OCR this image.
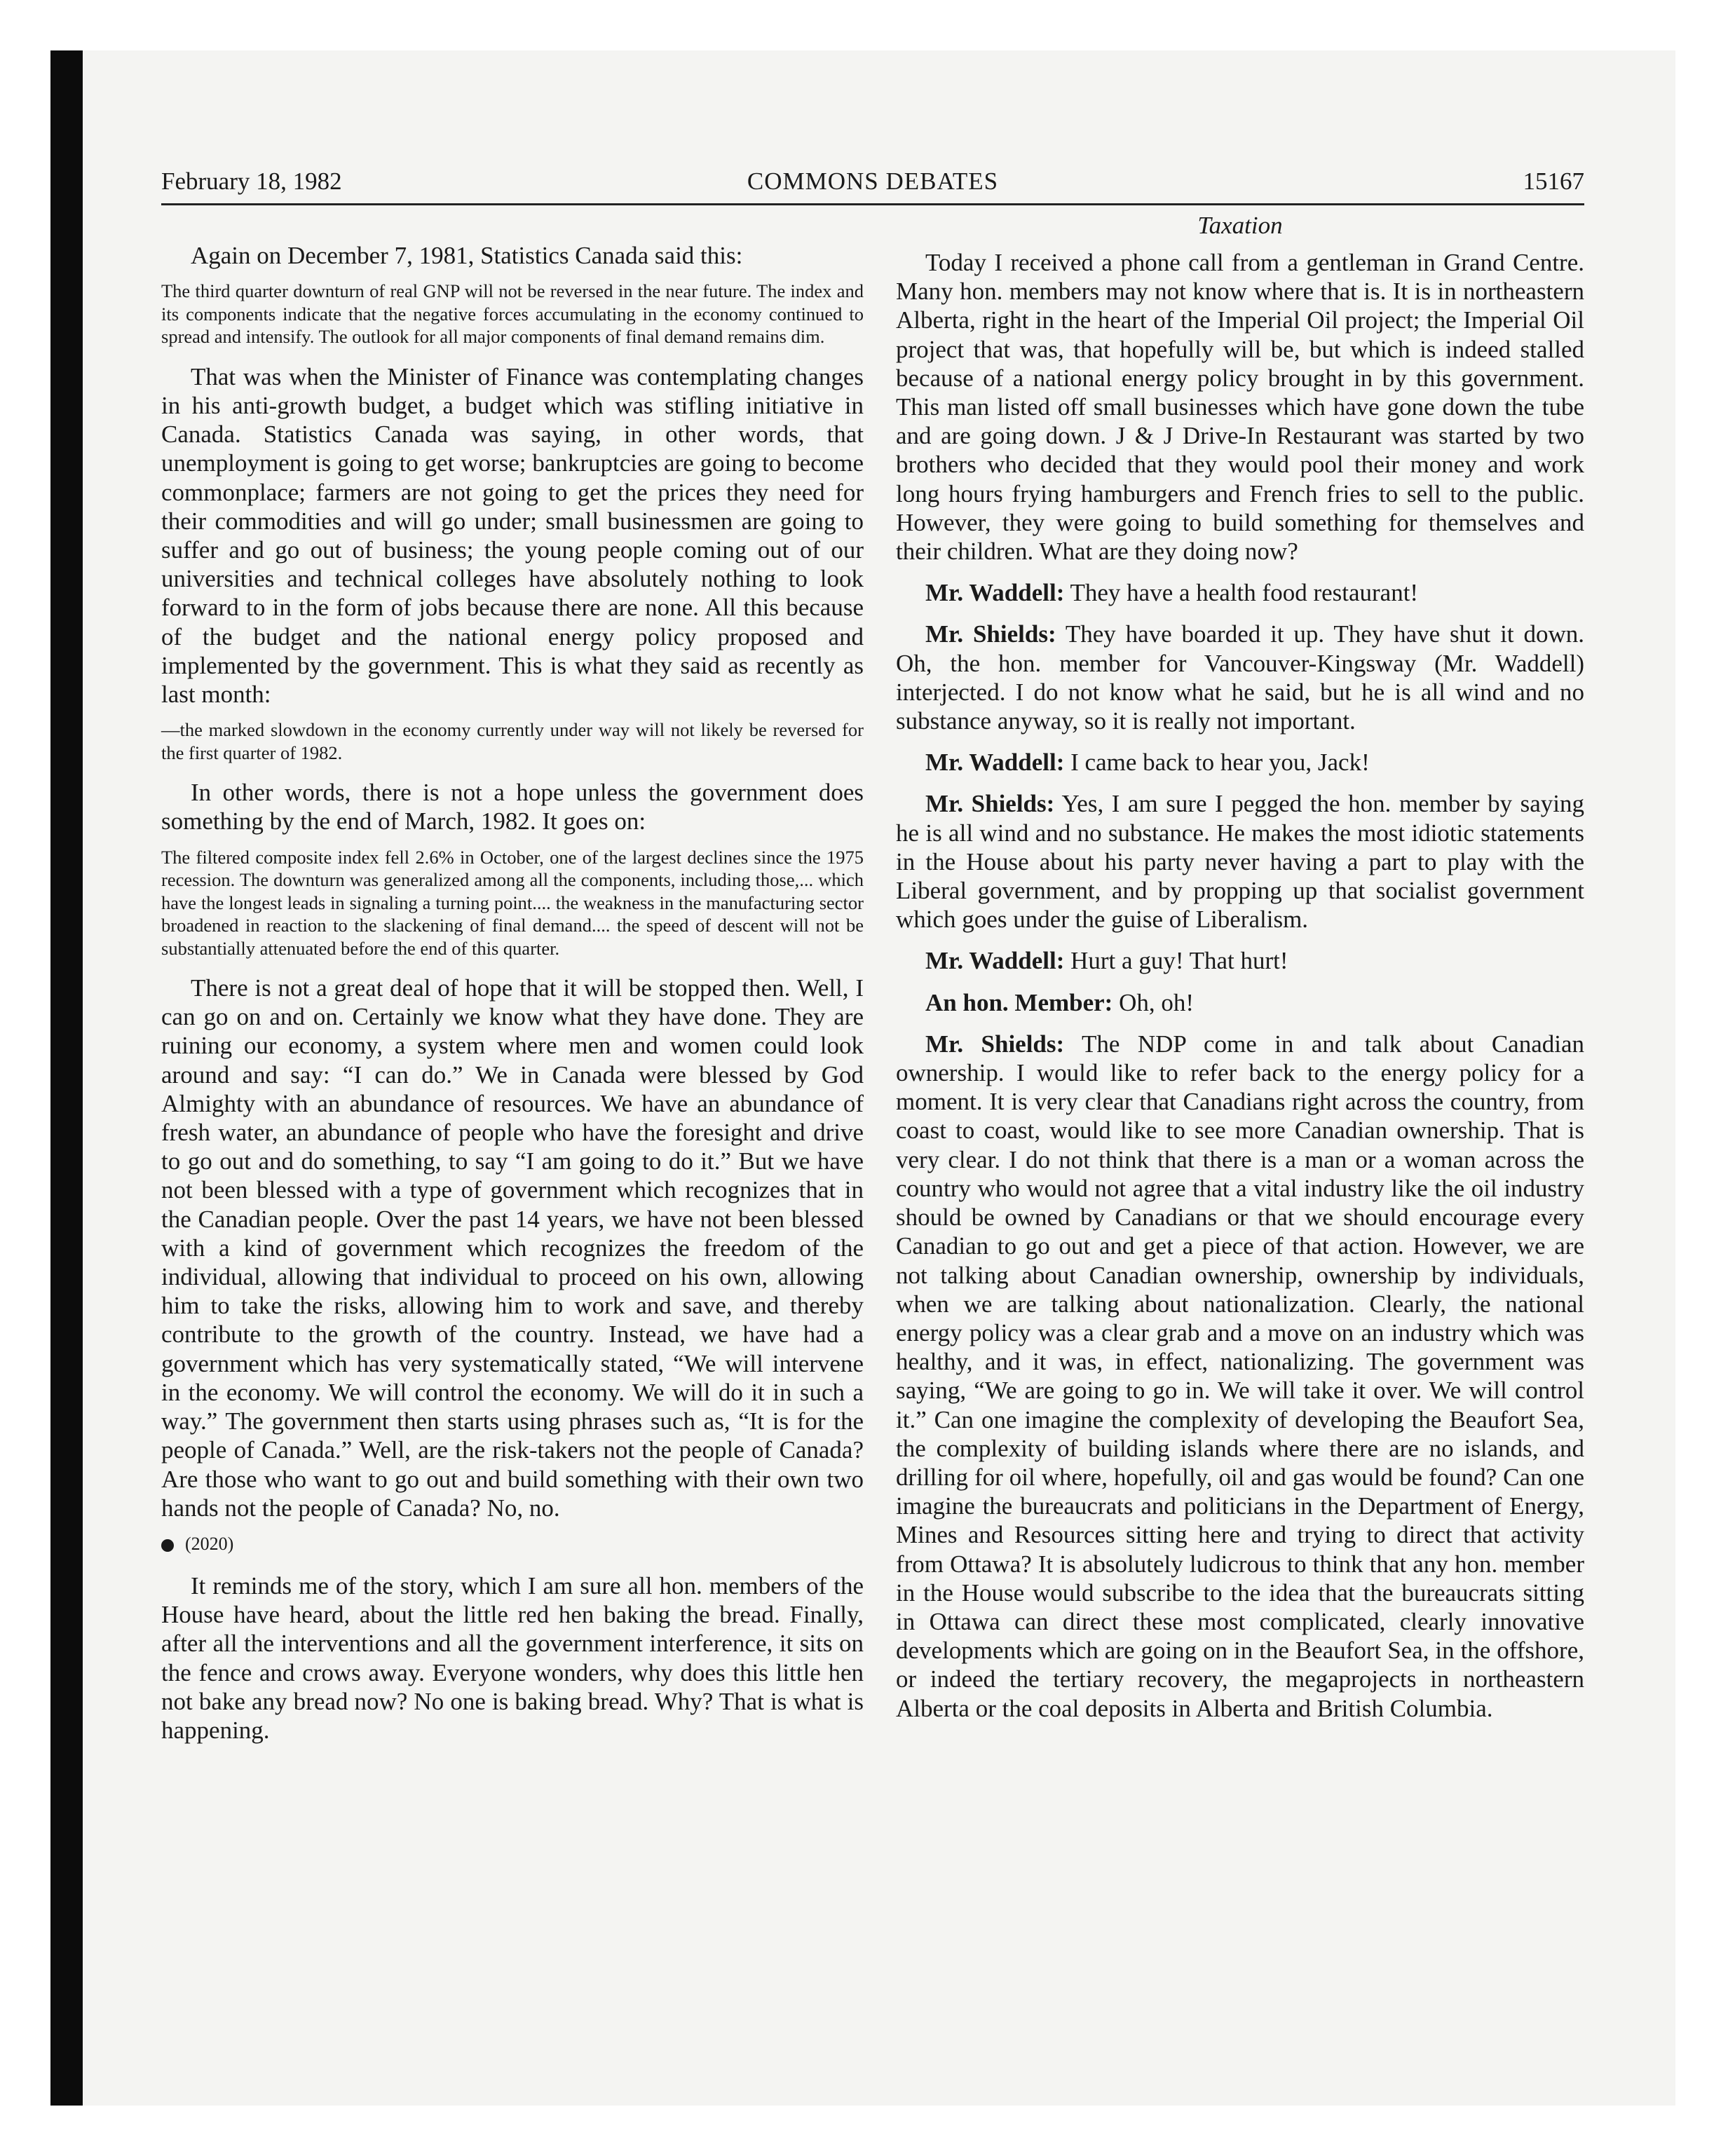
February 18, 1982	COMMONS DEBATES	15167

Again on December 7, 1981, Statistics Canada said this:

The third quarter downturn of real GNP will not be reversed in the near future. The index and its components indicate that the negative forces accumulating in the economy continued to spread and intensify. The outlook for all major components of final demand remains dim.

That was when the Minister of Finance was contemplating changes in his anti-growth budget, a budget which was stifling initiative in Canada. Statistics Canada was saying, in other words, that unemployment is going to get worse; bankruptcies are going to become commonplace; farmers are not going to get the prices they need for their commodities and will go under; small businessmen are going to suffer and go out of business; the young people coming out of our universities and technical colleges have absolutely nothing to look forward to in the form of jobs because there are none. All this because of the budget and the national energy policy proposed and implemented by the government. This is what they said as recently as last month:

—the marked slowdown in the economy currently under way will not likely be reversed for the first quarter of 1982.

In other words, there is not a hope unless the government does something by the end of March, 1982. It goes on:

The filtered composite index fell 2.6% in October, one of the largest declines since the 1975 recession. The downturn was generalized among all the components, including those,... which have the longest leads in signaling a turning point.... the weakness in the manufacturing sector broadened in reaction to the slackening of final demand.... the speed of descent will not be substantially attenuated before the end of this quarter.

There is not a great deal of hope that it will be stopped then. Well, I can go on and on. Certainly we know what they have done. They are ruining our economy, a system where men and women could look around and say: “I can do.” We in Canada were blessed by God Almighty with an abundance of resources. We have an abundance of fresh water, an abundance of people who have the foresight and drive to go out and do something, to say “I am going to do it.” But we have not been blessed with a type of government which recognizes that in the Canadian people. Over the past 14 years, we have not been blessed with a kind of government which recognizes the freedom of the individual, allowing that individual to proceed on his own, allowing him to take the risks, allowing him to work and save, and thereby contribute to the growth of the country. Instead, we have had a government which has very systematically stated, “We will intervene in the economy. We will control the economy. We will do it in such a way.” The government then starts using phrases such as, “It is for the people of Canada.” Well, are the risk-takers not the people of Canada? Are those who want to go out and build something with their own two hands not the people of Canada? No, no.

(2020)

It reminds me of the story, which I am sure all hon. members of the House have heard, about the little red hen baking the bread. Finally, after all the interventions and all the government interference, it sits on the fence and crows away. Everyone wonders, why does this little hen not bake any bread now? No one is baking bread. Why? That is what is happening.

Taxation

Today I received a phone call from a gentleman in Grand Centre. Many hon. members may not know where that is. It is in northeastern Alberta, right in the heart of the Imperial Oil project; the Imperial Oil project that was, that hopefully will be, but which is indeed stalled because of a national energy policy brought in by this government. This man listed off small businesses which have gone down the tube and are going down. J & J Drive-In Restaurant was started by two brothers who decided that they would pool their money and work long hours frying hamburgers and French fries to sell to the public. However, they were going to build something for themselves and their children. What are they doing now?

Mr. Waddell: They have a health food restaurant!

Mr. Shields: They have boarded it up. They have shut it down. Oh, the hon. member for Vancouver-Kingsway (Mr. Waddell) interjected. I do not know what he said, but he is all wind and no substance anyway, so it is really not important.

Mr. Waddell: I came back to hear you, Jack!

Mr. Shields: Yes, I am sure I pegged the hon. member by saying he is all wind and no substance. He makes the most idiotic statements in the House about his party never having a part to play with the Liberal government, and by propping up that socialist government which goes under the guise of Liberalism.

Mr. Waddell: Hurt a guy! That hurt!

An hon. Member: Oh, oh!

Mr. Shields: The NDP come in and talk about Canadian ownership. I would like to refer back to the energy policy for a moment. It is very clear that Canadians right across the country, from coast to coast, would like to see more Canadian ownership. That is very clear. I do not think that there is a man or a woman across the country who would not agree that a vital industry like the oil industry should be owned by Canadians or that we should encourage every Canadian to go out and get a piece of that action. However, we are not talking about Canadian ownership, ownership by individuals, when we are talking about nationalization. Clearly, the national energy policy was a clear grab and a move on an industry which was healthy, and it was, in effect, nationalizing. The government was saying, “We are going to go in. We will take it over. We will control it.” Can one imagine the complexity of developing the Beaufort Sea, the complexity of building islands where there are no islands, and drilling for oil where, hopefully, oil and gas would be found? Can one imagine the bureaucrats and politicians in the Department of Energy, Mines and Resources sitting here and trying to direct that activity from Ottawa? It is absolutely ludicrous to think that any hon. member in the House would subscribe to the idea that the bureaucrats sitting in Ottawa can direct these most complicated, clearly innovative developments which are going on in the Beaufort Sea, in the offshore, or indeed the tertiary recovery, the megaprojects in northeastern Alberta or the coal deposits in Alberta and British Columbia.
